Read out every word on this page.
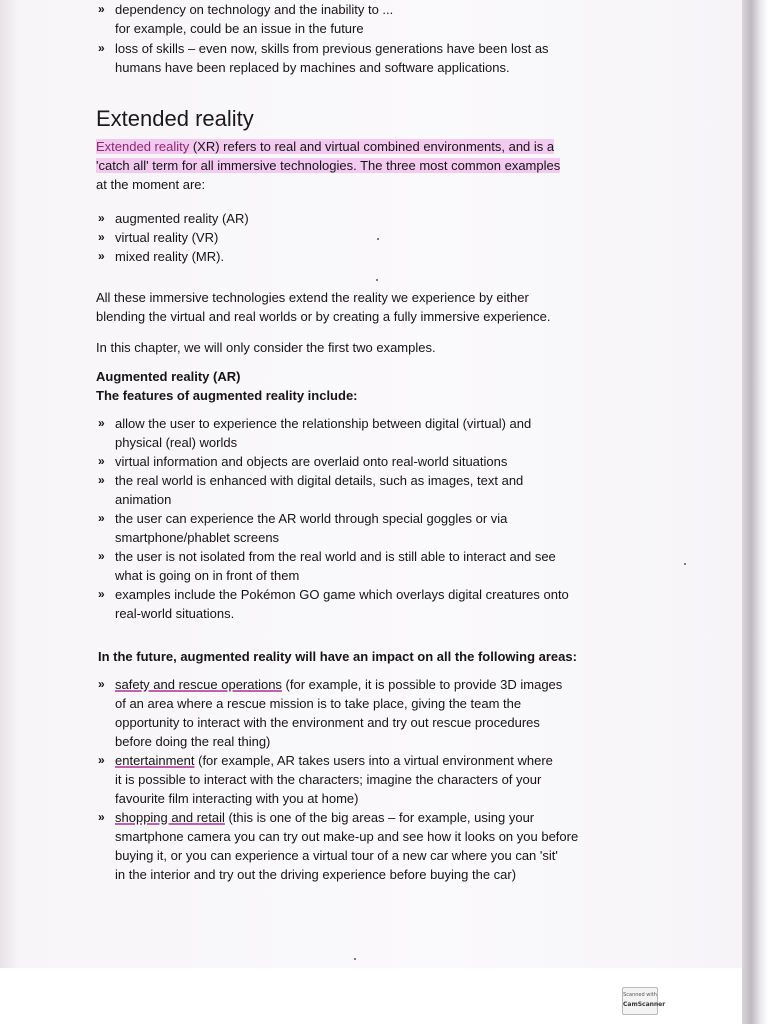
» dependency on technology and the inability to ...
for example, could be an issue in the future
» loss of skills – even now, skills from previous generations have been lost as
humans have been replaced by machines and software applications.
Extended reality

Extended reality (XR) refers to real and virtual combined environments, and is a

'catch all' term for all immersive technologies. The three most common examples

at the moment are:

» augmented reality (AR)
» virtual reality (VR)
» mixed reality (MR).

All these immersive technologies extend the reality we experience by either

blending the virtual and real worlds or by creating a fully immersive experience.

In this chapter, we will only consider the first two examples.
Augmented reality (AR)
The features of augmented reality include:
» allow the user to experience the relationship between digital (virtual) and
physical (real) worlds
» virtual information and objects are overlaid onto real-world situations
» the real world is enhanced with digital details, such as images, text and
animation
» the user can experience the AR world through special goggles or via
smartphone/phablet screens
» the user is not isolated from the real world and is still able to interact and see
what is going on in front of them
» examples include the Pokémon GO game which overlays digital creatures onto
real-world situations.
In the future, augmented reality will have an impact on all the following areas:
» safety and rescue operations (for example, it is possible to provide 3D images
of an area where a rescue mission is to take place, giving the team the
opportunity to interact with the environment and try out rescue procedures
before doing the real thing)
» entertainment (for example, AR takes users into a virtual environment where
it is possible to interact with the characters; imagine the characters of your
favourite film interacting with you at home)
» shopping and retail (this is one of the big areas – for example, using your
smartphone camera you can try out make-up and see how it looks on you before
buying it, or you can experience a virtual tour of a new car where you can 'sit'
in the interior and try out the driving experience before buying the car)
Scanned with
CamScanner
